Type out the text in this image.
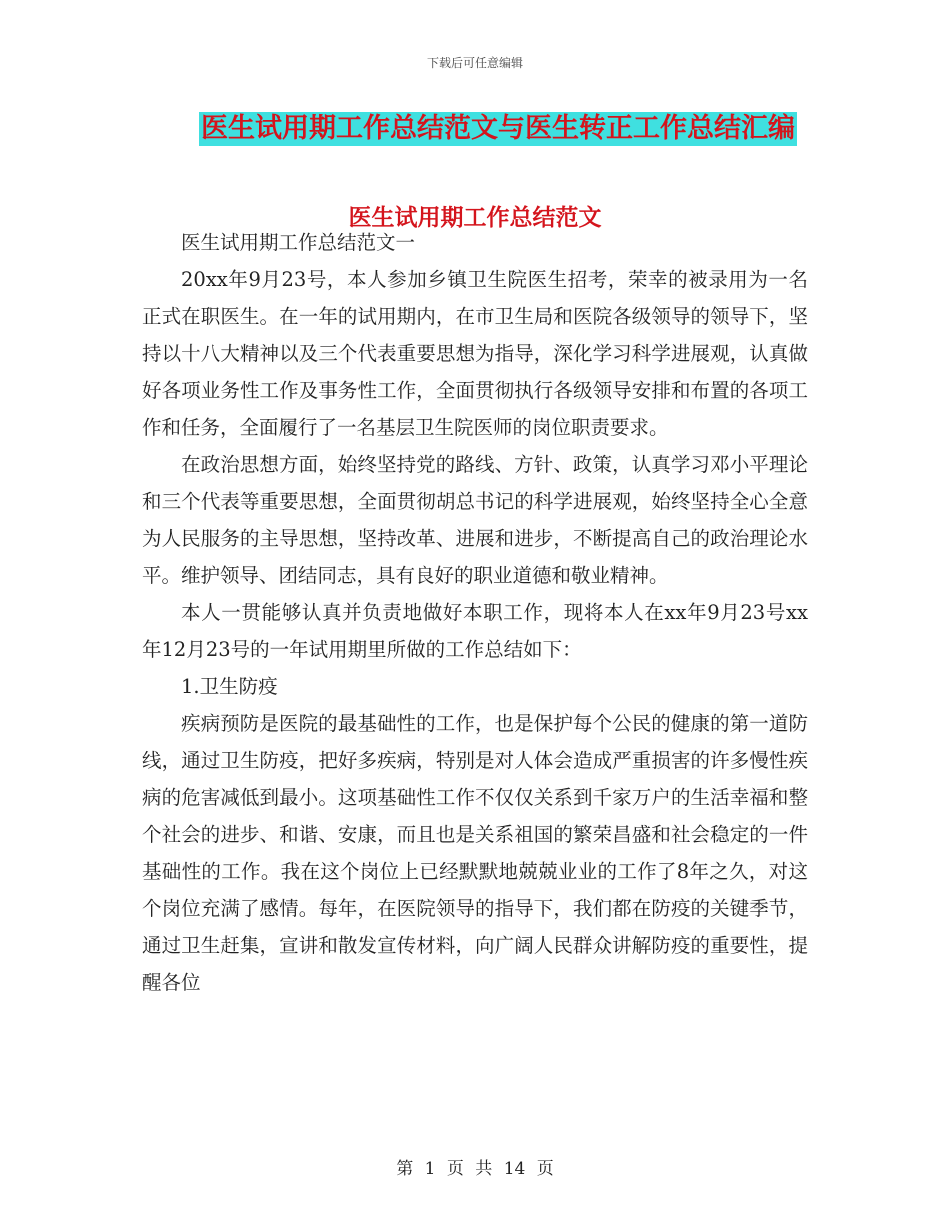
下载后可任意编辑
医生试用期工作总结范文与医生转正工作总结汇编
医生试用期工作总结范文

医生试用期工作总结范文一

20xx年9月23号，本人参加乡镇卫生院医生招考，荣幸的被录用为一名正式在职医生。在一年的试用期内，在市卫生局和医院各级领导的领导下，坚持以十八大精神以及三个代表重要思想为指导，深化学习科学进展观，认真做好各项业务性工作及事务性工作，全面贯彻执行各级领导安排和布置的各项工作和任务，全面履行了一名基层卫生院医师的岗位职责要求。

在政治思想方面，始终坚持党的路线、方针、政策，认真学习邓小平理论和三个代表等重要思想，全面贯彻胡总书记的科学进展观，始终坚持全心全意为人民服务的主导思想，坚持改革、进展和进步，不断提高自己的政治理论水平。维护领导、团结同志，具有良好的职业道德和敬业精神。

本人一贯能够认真并负责地做好本职工作，现将本人在xx年9月23号xx年12月23号的一年试用期里所做的工作总结如下：

1.卫生防疫

疾病预防是医院的最基础性的工作，也是保护每个公民的健康的第一道防线，通过卫生防疫，把好多疾病，特别是对人体会造成严重损害的许多慢性疾病的危害减低到最小。这项基础性工作不仅仅关系到千家万户的生活幸福和整个社会的进步、和谐、安康，而且也是关系祖国的繁荣昌盛和社会稳定的一件基础性的工作。我在这个岗位上已经默默地兢兢业业的工作了8年之久，对这个岗位充满了感情。每年，在医院领导的指导下，我们都在防疫的关键季节，通过卫生赶集，宣讲和散发宣传材料，向广阔人民群众讲解防疫的重要性，提醒各位

第 1 页 共 14 页
